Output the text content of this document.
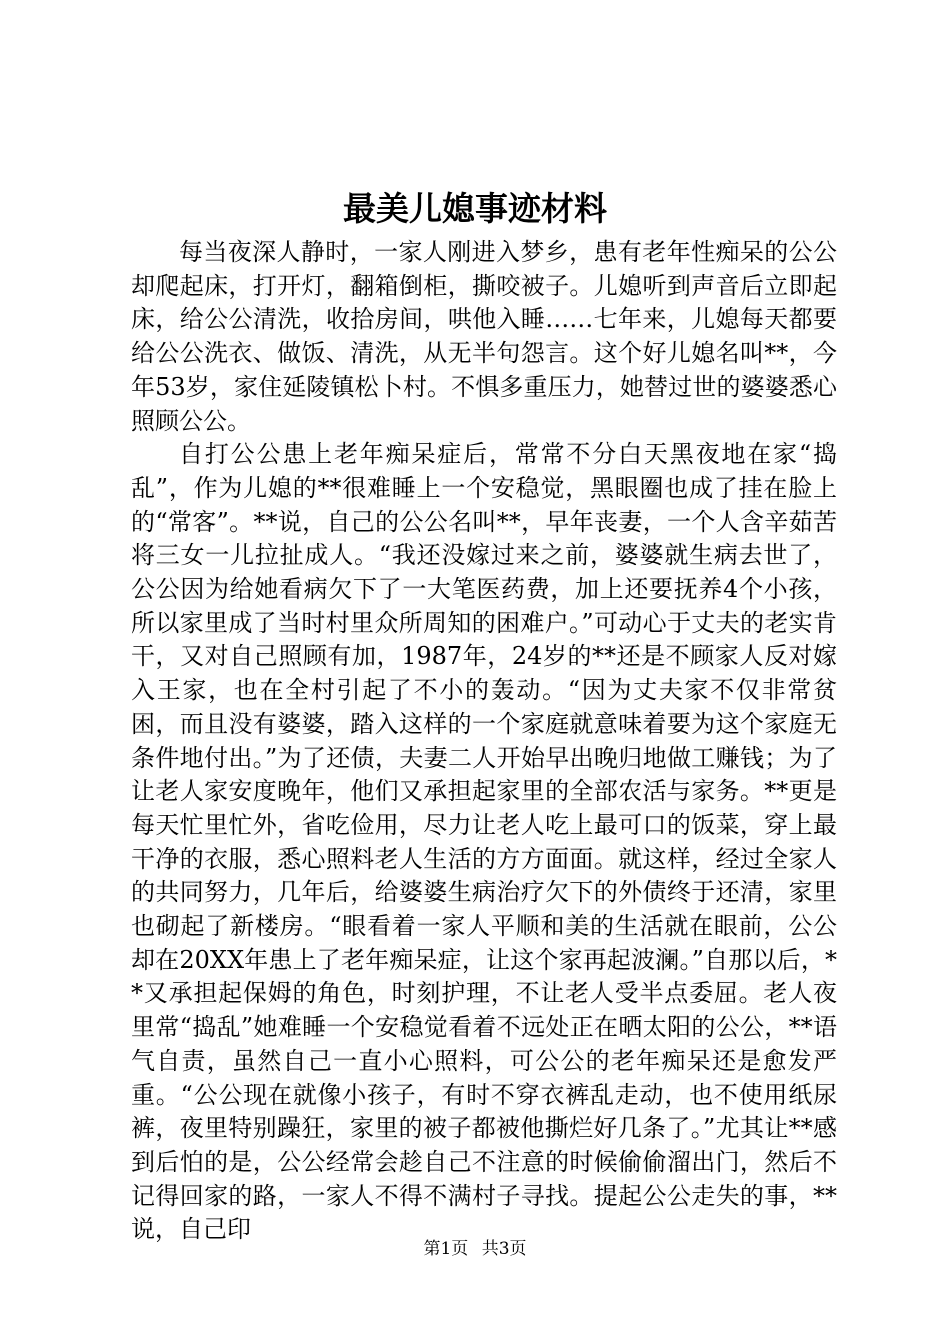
最美儿媳事迹材料

每当夜深人静时，一家人刚进入梦乡，患有老年性痴呆的公公却爬起床，打开灯，翻箱倒柜，撕咬被子。儿媳听到声音后立即起床，给公公清洗，收拾房间，哄他入睡……七年来，儿媳每天都要给公公洗衣、做饭、清洗，从无半句怨言。这个好儿媳名叫**，今年53岁，家住延陵镇松卜村。不惧多重压力，她替过世的婆婆悉心照顾公公。

自打公公患上老年痴呆症后，常常不分白天黑夜地在家“捣乱”，作为儿媳的**很难睡上一个安稳觉，黑眼圈也成了挂在脸上的“常客”。**说，自己的公公名叫**，早年丧妻，一个人含辛茹苦将三女一儿拉扯成人。“我还没嫁过来之前，婆婆就生病去世了，公公因为给她看病欠下了一大笔医药费，加上还要抚养4个小孩，所以家里成了当时村里众所周知的困难户。”可动心于丈夫的老实肯干，又对自己照顾有加，1987年，24岁的**还是不顾家人反对嫁入王家，也在全村引起了不小的轰动。“因为丈夫家不仅非常贫困，而且没有婆婆，踏入这样的一个家庭就意味着要为这个家庭无条件地付出。”为了还债，夫妻二人开始早出晚归地做工赚钱；为了让老人家安度晚年，他们又承担起家里的全部农活与家务。**更是每天忙里忙外，省吃俭用，尽力让老人吃上最可口的饭菜，穿上最干净的衣服，悉心照料老人生活的方方面面。就这样，经过全家人的共同努力，几年后，给婆婆生病治疗欠下的外债终于还清，家里也砌起了新楼房。“眼看着一家人平顺和美的生活就在眼前，公公却在20XX年患上了老年痴呆症，让这个家再起波澜。”自那以后，**又承担起保姆的角色，时刻护理，不让老人受半点委屈。老人夜里常“捣乱”她难睡一个安稳觉看着不远处正在晒太阳的公公，**语气自责，虽然自己一直小心照料，可公公的老年痴呆还是愈发严重。“公公现在就像小孩子，有时不穿衣裤乱走动，也不使用纸尿裤，夜里特别躁狂，家里的被子都被他撕烂好几条了。”尤其让**感到后怕的是，公公经常会趁自己不注意的时候偷偷溜出门，然后不记得回家的路，一家人不得不满村子寻找。提起公公走失的事，**说，自己印

第1页 共3页
